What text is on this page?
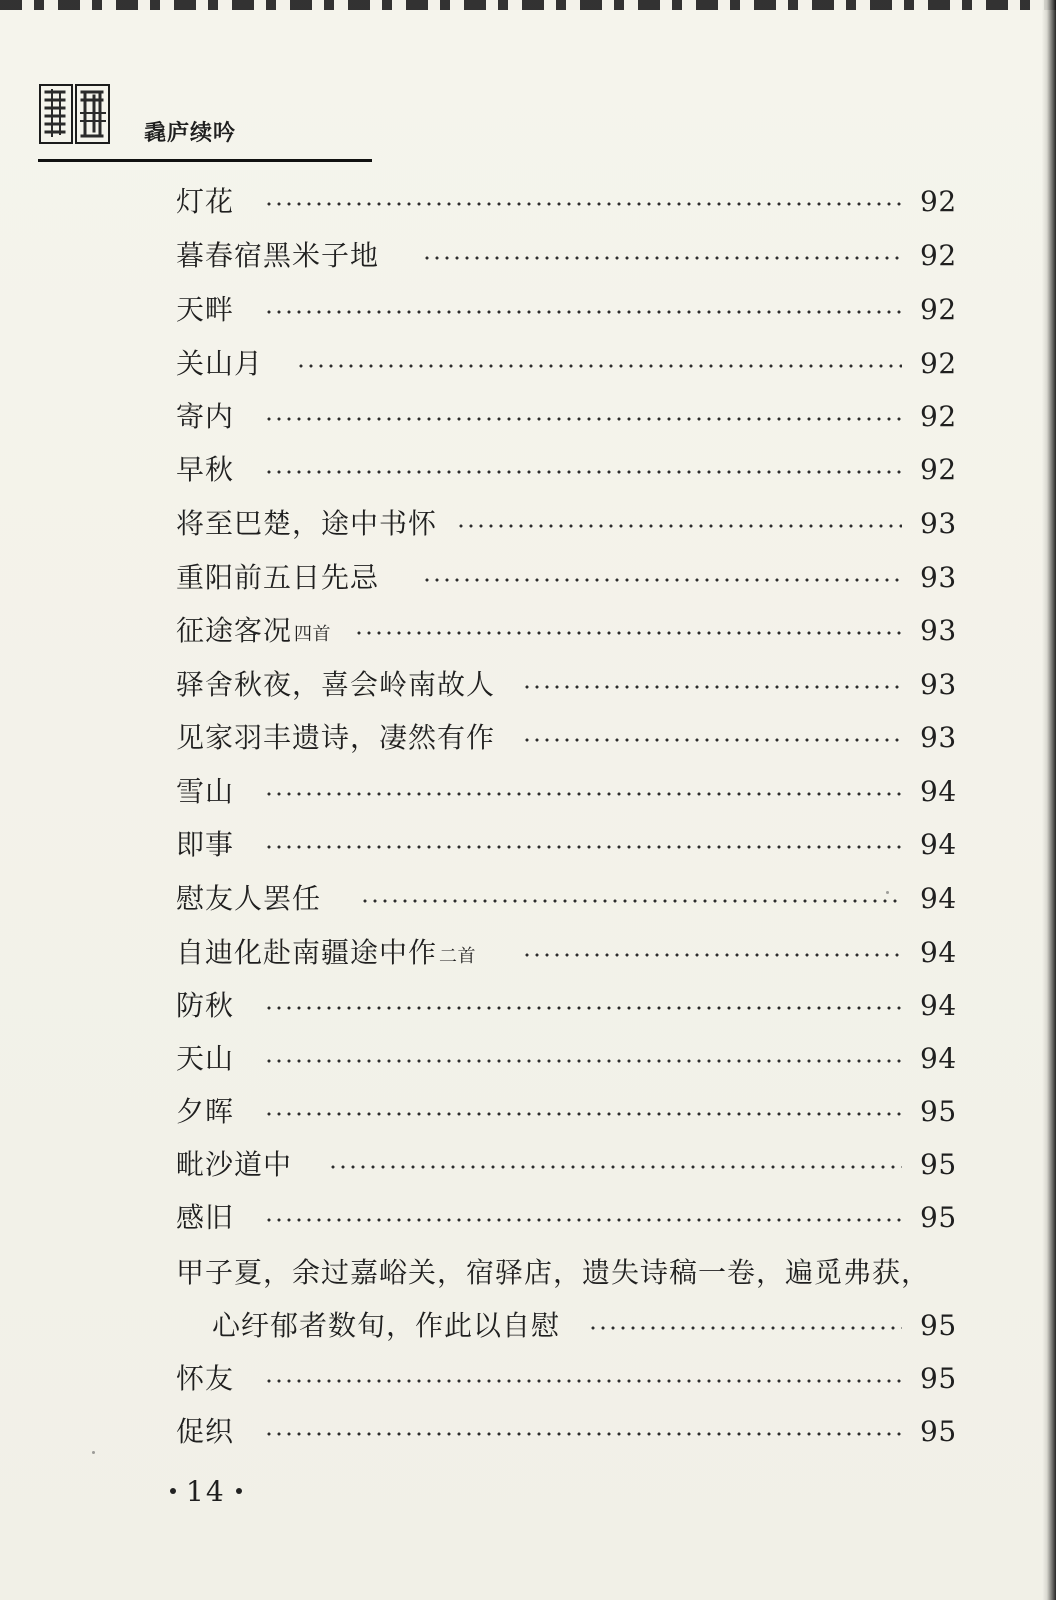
毳庐续吟
灯花	92
暮春宿黑米子地	92
天畔	92
关山月	92
寄内	92
早秋	92
将至巴楚，途中书怀	93
重阳前五日先忌	93
征途客况 四首	93
驿舍秋夜，喜会岭南故人	93
见家羽丰遗诗，凄然有作	93
雪山	94
即事	94
慰友人罢任	94
自迪化赴南疆途中作 二首	94
防秋	94
天山	94
夕晖	95
毗沙道中	95
感旧	95
甲子夏，余过嘉峪关，宿驿店，遗失诗稿一卷，遍觅弗获，
心纡郁者数旬，作此以自慰	95
怀友	95
促织	95
14
